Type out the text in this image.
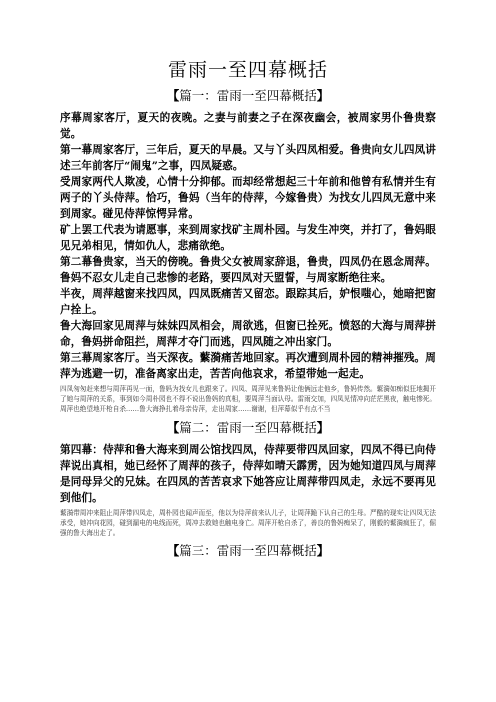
雷雨一至四幕概括
【篇一：雷雨一至四幕概括】

序幕周家客厅，夏天的夜晚。之妻与前妻之子在深夜幽会，被周家男仆鲁贵察觉。

第一幕周家客厅，三年后，夏天的早晨。又与丫头四凤相爱。鲁贵向女儿四凤讲述三年前客厅“闹鬼”之事，四凤疑惑。

受周家两代人欺凌，心情十分抑郁。而却经常想起三十年前和他曾有私情并生有两子的丫头侍萍。恰巧，鲁妈（当年的侍萍，今嫁鲁贵）为找女儿四凤无意中来到周家。碰见侍萍惊愕异常。

矿上罢工代表为请愿事，来到周家找矿主周朴园。与发生冲突，并打了，鲁妈眼见兄弟相见，情如仇人，悲痛欲绝。

第二幕鲁贵家，当天的傍晚。鲁贵父女被周家辞退，鲁贵，四凤仍在恩念周萍。鲁妈不忍女儿走自己悲惨的老路，要四凤对天盟誓，与周家断绝往来。

半夜，周萍越窗来找四凤，四凤既痛苦又留恋。跟踪其后，妒恨嗤心，她暗把窗户拴上。

鲁大海回家见周萍与妹妹四凤相会，周欲逃，但窗已拴死。愤怒的大海与周萍拼命，鲁妈拼命阻拦，周萍才夺门而逃，四凤随之冲出家门。

第三幕周家客厅。当天深夜。蘩漪痛苦地回家。再次遭到周朴园的精神摧残。周萍为逃避一切，准备离家出走，苦苦向他哀求，希望带她一起走。

四凤匆匆赶来想与周萍再见一面，鲁妈为找女儿也跟来了。四凤、周萍见来鲁妈让他俩远走他乡，鲁妈传然。蘩漪如痴似狂地揭开了她与周萍的关系，事到如今周朴园也不得不说出鲁妈的真相，要周萍当面认母。雷雨交加，四凤见情冲向茫茫黑夜，触电惨死。周萍也绝望地开枪自杀……鲁大海挣扎着母亲侍萍，走出周家……谢谢，但萍幕似乎有点不当

【篇二：雷雨一至四幕概括】

第四幕：侍萍和鲁大海来到周公馆找四凤，侍萍要带四凤回家，四凤不得已向侍萍说出真相，她已经怀了周萍的孩子，侍萍如晴天霹雳，因为她知道四凤与周萍是同母异父的兄妹。在四凤的苦苦哀求下她答应让周萍带四凤走，永远不要再见到他们。

蘩漪带周冲来阻止周萍带四凤走，周朴园也闻声而至，他以为侍萍前来认儿子，让周萍跪下认自己的生母。严酷的现实让四凤无法承受，她冲向花园，碰到漏电的电线而死，周冲去救她也触电身亡。周萍开枪自杀了，善良的鲁妈痴呆了，刚毅的蘩漪疯狂了，倔强的鲁大海出走了。

【篇三：雷雨一至四幕概括】
